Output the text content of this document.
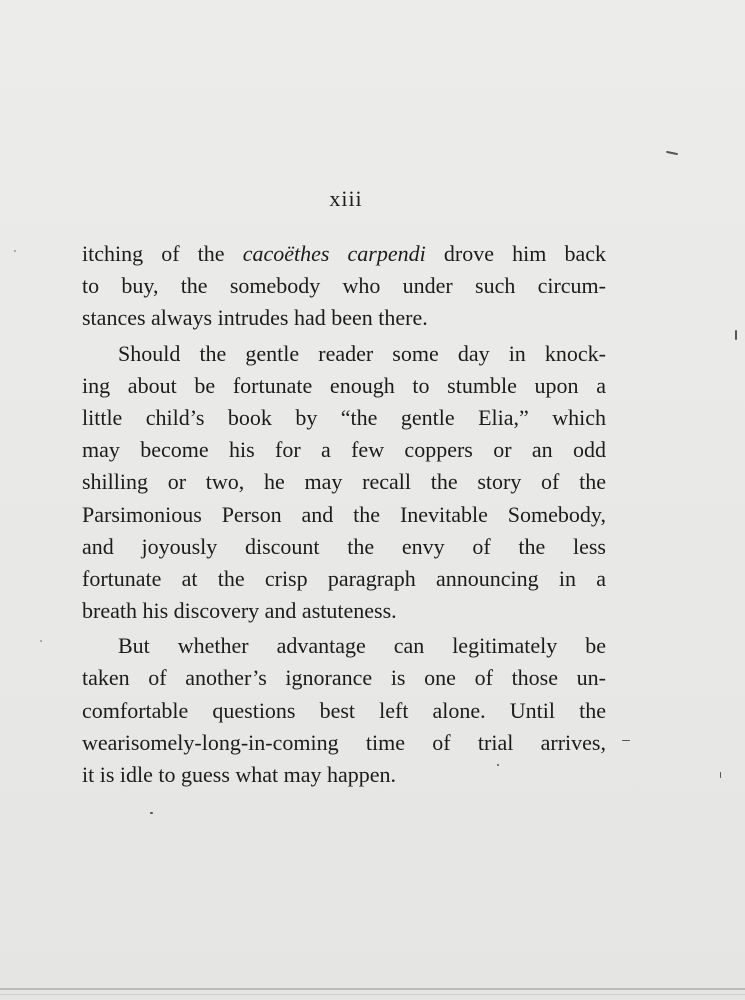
xiii
itching of the cacoëthes carpendi drove him back
to buy, the somebody who under such circum-
stances always intrudes had been there.
Should the gentle reader some day in knock-
ing about be fortunate enough to stumble upon a
little child’s book by “the gentle Elia,” which
may become his for a few coppers or an odd
shilling or two, he may recall the story of the
Parsimonious Person and the Inevitable Somebody,
and joyously discount the envy of the less
fortunate at the crisp paragraph announcing in a
breath his discovery and astuteness.
But whether advantage can legitimately be
taken of another’s ignorance is one of those un-
comfortable questions best left alone. Until the
wearisomely-long-in-coming time of trial arrives,
it is idle to guess what may happen.
